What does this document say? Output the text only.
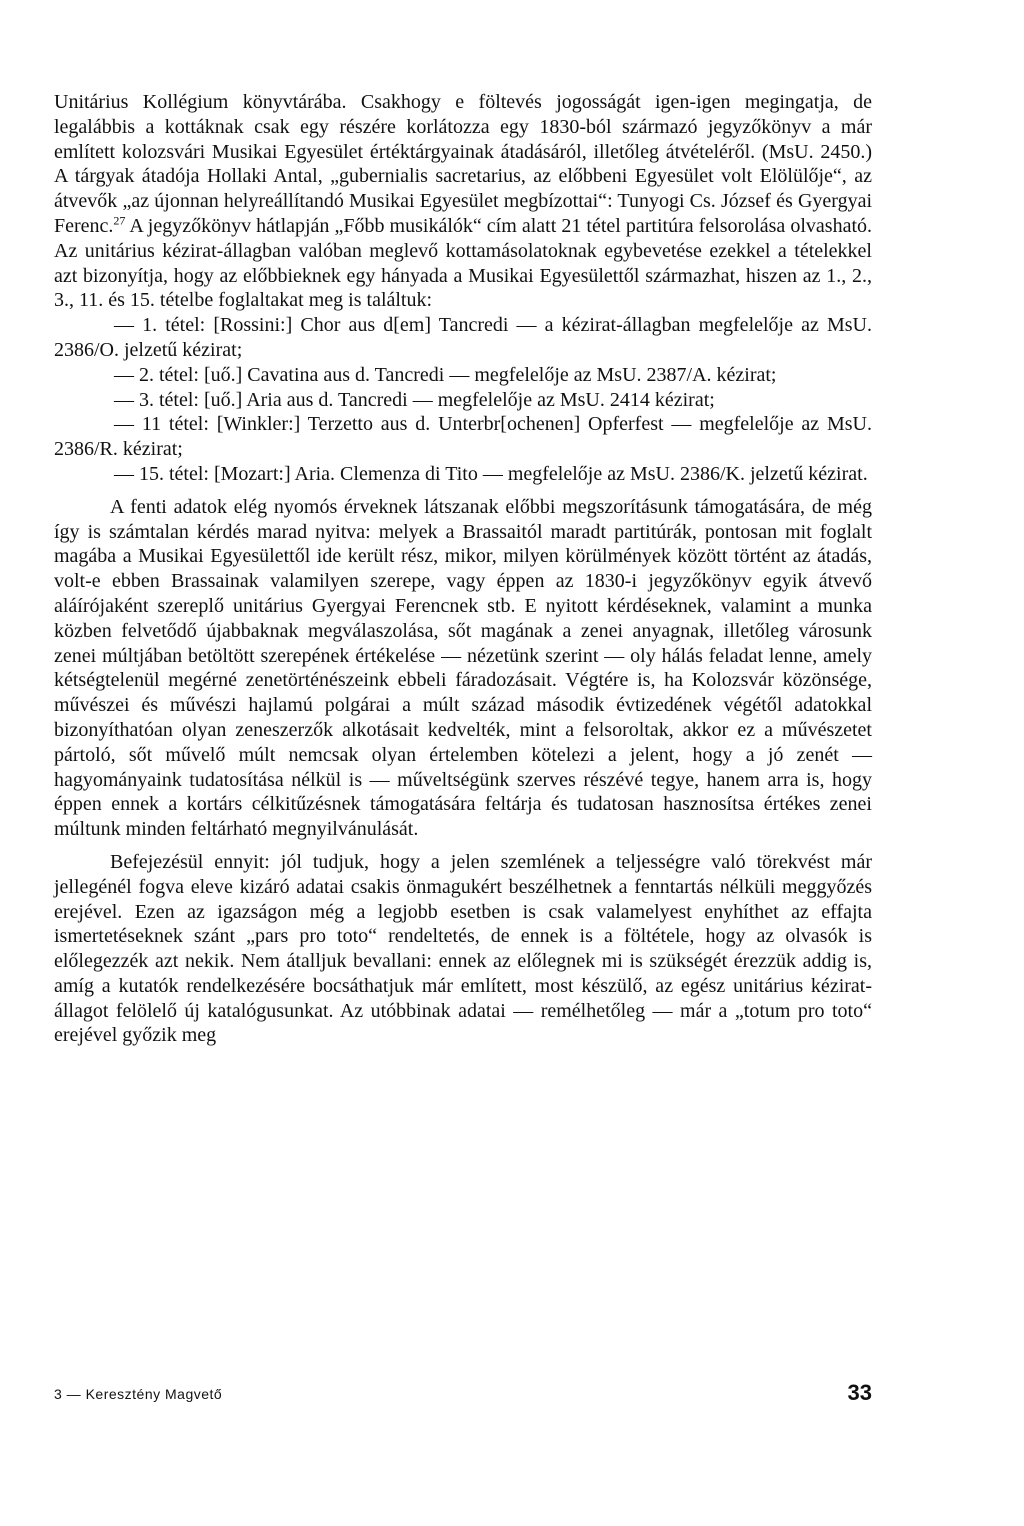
Unitárius Kollégium könyvtárába. Csakhogy e föltevés jogosságát igen-igen megingatja, de legalábbis a kottáknak csak egy részére korlátozza egy 1830-ból származó jegyzőkönyv a már említett kolozsvári Musikai Egyesület értéktárgyainak átadásáról, illetőleg átvételéről. (MsU. 2450.) A tárgyak átadója Hollaki Antal, „gubernialis sacretarius, az előbbeni Egyesület volt Elölülője“, az átvevők „az újonnan helyreállítandó Musikai Egyesület megbízottai“: Tunyogi Cs. József és Gyergyai Ferenc.$^{27}$ A jegyzőkönyv hátlapján „Főbb musikálók“ cím alatt 21 tétel partitúra felsorolása olvasható. Az unitárius kézirat-állagban valóban meglevő kottamásolatoknak egybevetése ezekkel a tételekkel azt bizonyítja, hogy az előbbieknek egy hányada a Musikai Egyesülettől származhat, hiszen az 1., 2., 3., 11. és 15. tételbe foglaltakat meg is találtuk:

— 1. tétel: [Rossini:] Chor aus d[em] Tancredi — a kézirat-állagban megfelelője az MsU. 2386/O. jelzetű kézirat;

— 2. tétel: [uő.] Cavatina aus d. Tancredi — megfelelője az MsU. 2387/A. kézirat;

— 3. tétel: [uő.] Aria aus d. Tancredi — megfelelője az MsU. 2414 kézirat;

— 11 tétel: [Winkler:] Terzetto aus d. Unterbr[ochenen] Opferfest — megfelelője az MsU. 2386/R. kézirat;

— 15. tétel: [Mozart:] Aria. Clemenza di Tito — megfelelője az MsU. 2386/K. jelzetű kézirat.

A fenti adatok elég nyomós érveknek látszanak előbbi megszorításunk támogatására, de még így is számtalan kérdés marad nyitva: melyek a Brassaitól maradt partitúrák, pontosan mit foglalt magába a Musikai Egyesülettől ide került rész, mikor, milyen körülmények között történt az átadás, volt-e ebben Brassainak valamilyen szerepe, vagy éppen az 1830-i jegyzőkönyv egyik átvevő aláírójaként szereplő unitárius Gyergyai Ferencnek stb. E nyitott kérdéseknek, valamint a munka közben felvetődő újabbaknak megválaszolása, sőt magának a zenei anyagnak, illetőleg városunk zenei múltjában betöltött szerepének értékelése — nézetünk szerint — oly hálás feladat lenne, amely kétségtelenül megérné zenetörténészeink ebbeli fáradozásait. Végtére is, ha Kolozsvár közönsége, művészei és művészi hajlamú polgárai a múlt század második évtizedének végétől adatokkal bizonyíthatóan olyan zeneszerzők alkotásait kedvelték, mint a felsoroltak, akkor ez a művészetet pártoló, sőt művelő múlt nemcsak olyan értelemben kötelezi a jelent, hogy a jó zenét — hagyományaink tudatosítása nélkül is — műveltségünk szerves részévé tegye, hanem arra is, hogy éppen ennek a kortárs célkitűzésnek támogatására feltárja és tudatosan hasznosítsa értékes zenei múltunk minden feltárható megnyilvánulását.

Befejezésül ennyit: jól tudjuk, hogy a jelen szemlének a teljességre való törekvést már jellegénél fogva eleve kizáró adatai csakis önmagukért beszélhetnek a fenntartás nélküli meggyőzés erejével. Ezen az igazságon még a legjobb esetben is csak valamelyest enyhíthet az effajta ismertetéseknek szánt „pars pro toto“ rendeltetés, de ennek is a föltétele, hogy az olvasók is előlegezzék azt nekik. Nem átalljuk bevallani: ennek az előlegnek mi is szükségét érezzük addig is, amíg a kutatók rendelkezésére bocsáthatjuk már említett, most készülő, az egész unitárius kézirat-állagot felölelő új katalógusunkat. Az utóbbinak adatai — remélhetőleg — már a „totum pro toto“ erejével győzik meg

3 — Keresztény Magvető	33
